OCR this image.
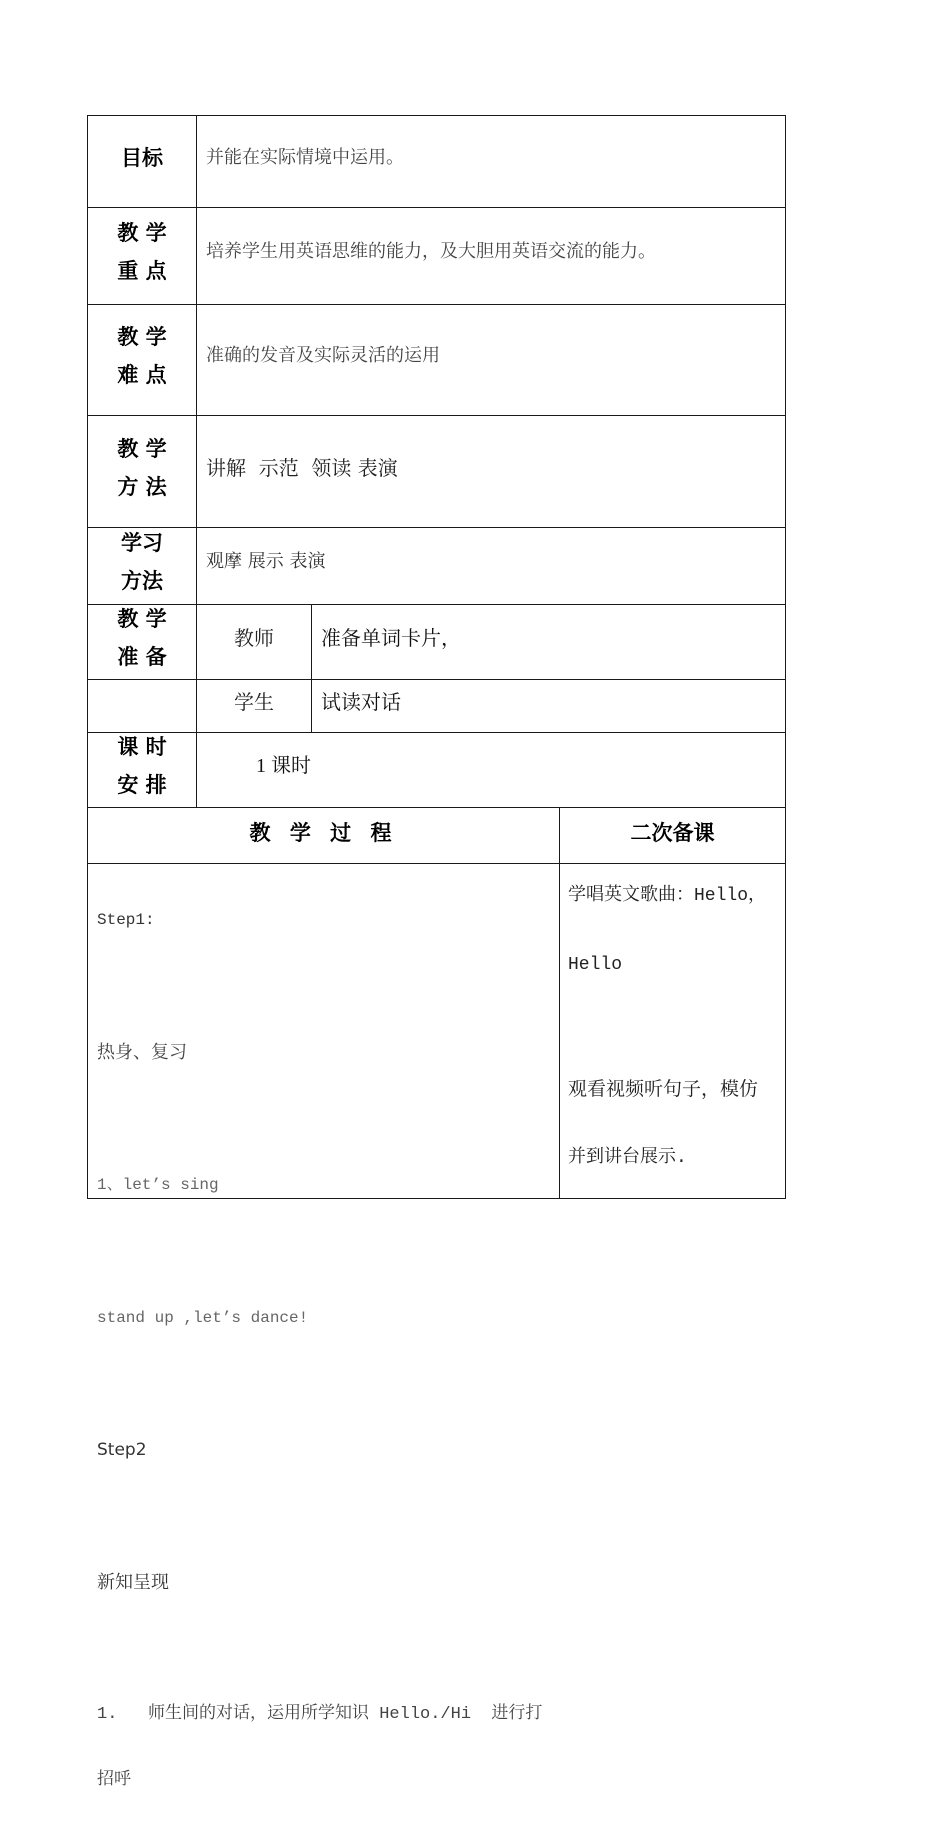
目标 并能在实际情境中运用。
教 学
重 点
培养学生用英语思维的能力，及大胆用英语交流的能力。
教 学
难 点
准确的发音及实际灵活的运用
教 学
方 法
讲解  示范  领读 表演
学习
方法
观摩 展示 表演
教 学
准 备
教师 准备单词卡片，
学生 试读对话
课 时
安 排
1 课时
教 学 过 程	二次备课

Step1:

热身、复习

1、let’s sing

stand up ,let’s dance!

Step2

新知呈现

1.   师生间的对话，运用所学知识 Hello./Hi  进行打

招呼

学唱英文歌曲：Hello，

Hello

观看视频听句子，模仿

并到讲台展示.
